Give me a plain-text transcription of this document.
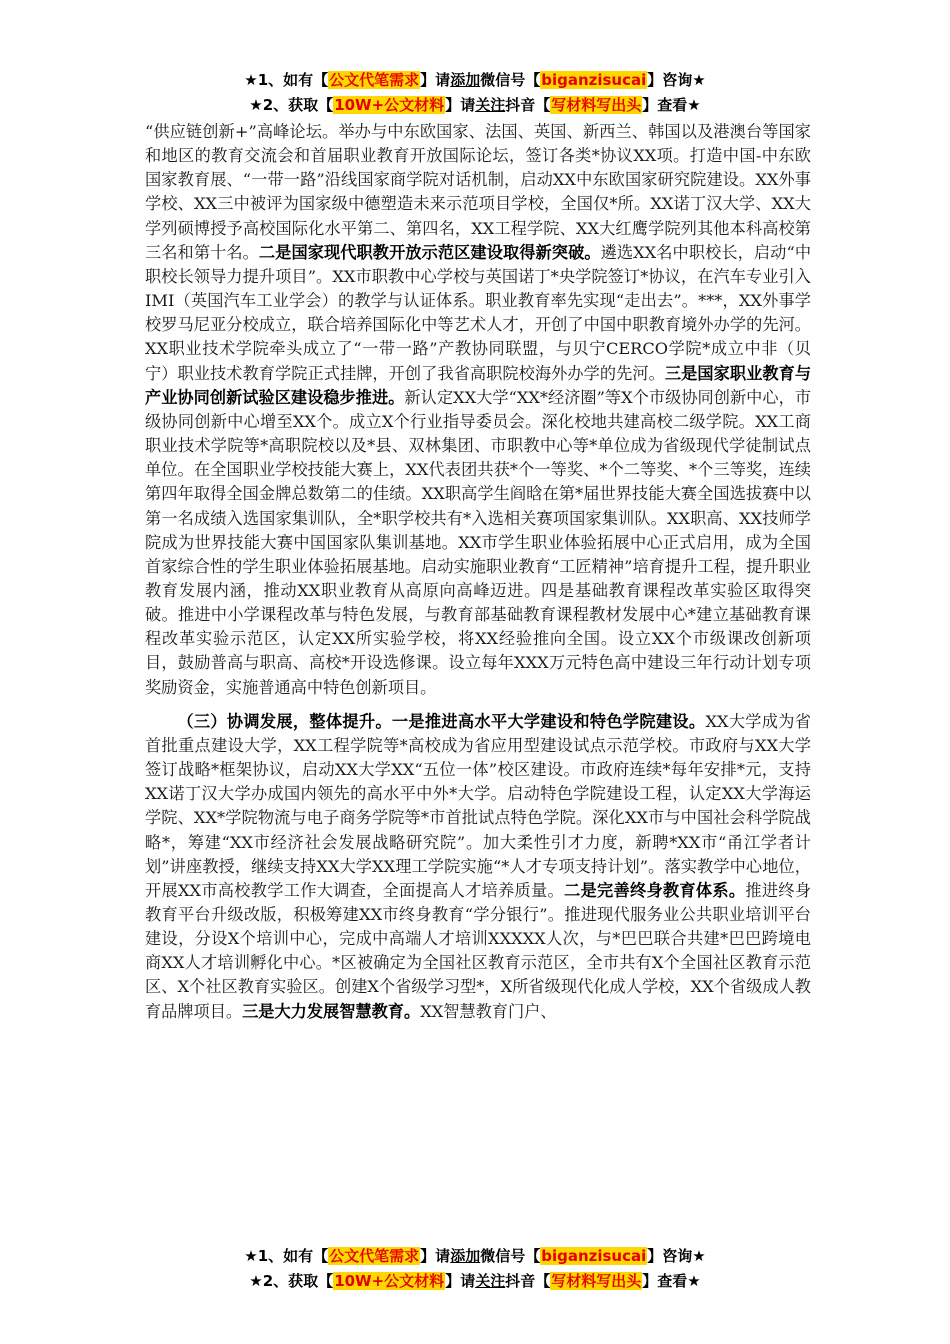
★1、如有【公文代笔需求】请添加微信号【biganzisucai】咨询★
★2、获取【10W+公文材料】请关注抖音【写材料写出头】查看★

“供应链创新+”高峰论坛。举办与中东欧国家、法国、英国、新西兰、韩国以及港澳台等国家和地区的教育交流会和首届职业教育开放国际论坛，签订各类*协议XX项。打造中国-中东欧国家教育展、“一带一路”沿线国家商学院对话机制，启动XX中东欧国家研究院建设。XX外事学校、XX三中被评为国家级中德塑造未来示范项目学校，全国仅*所。XX诺丁汉大学、XX大学列硕博授予高校国际化水平第二、第四名，XX工程学院、XX大红鹰学院列其他本科高校第三名和第十名。二是国家现代职教开放示范区建设取得新突破。遴选XX名中职校长，启动“中职校长领导力提升项目”。XX市职教中心学校与英国诺丁*央学院签订*协议，在汽车专业引入IMI（英国汽车工业学会）的教学与认证体系。职业教育率先实现“走出去”。***，XX外事学校罗马尼亚分校成立，联合培养国际化中等艺术人才，开创了中国中职教育境外办学的先河。XX职业技术学院牵头成立了“一带一路”产教协同联盟，与贝宁CERCO学院*成立中非（贝宁）职业技术教育学院正式挂牌，开创了我省高职院校海外办学的先河。三是国家职业教育与产业协同创新试验区建设稳步推进。新认定XX大学“XX*经济圈”等X个市级协同创新中心，市级协同创新中心增至XX个。成立X个行业指导委员会。深化校地共建高校二级学院。XX工商职业技术学院等*高职院校以及*县、双林集团、市职教中心等*单位成为省级现代学徒制试点单位。在全国职业学校技能大赛上，XX代表团共获*个一等奖、*个二等奖、*个三等奖，连续第四年取得全国金牌总数第二的佳绩。XX职高学生阎晗在第*届世界技能大赛全国选拔赛中以第一名成绩入选国家集训队，全*职学校共有*入选相关赛项国家集训队。XX职高、XX技师学院成为世界技能大赛中国国家队集训基地。XX市学生职业体验拓展中心正式启用，成为全国首家综合性的学生职业体验拓展基地。启动实施职业教育“工匠精神”培育提升工程，提升职业教育发展内涵，推动XX职业教育从高原向高峰迈进。四是基础教育课程改革实验区取得突破。推进中小学课程改革与特色发展，与教育部基础教育课程教材发展中心*建立基础教育课程改革实验示范区，认定XX所实验学校，将XX经验推向全国。设立XX个市级课改创新项目，鼓励普高与职高、高校*开设选修课。设立每年XXX万元特色高中建设三年行动计划专项奖励资金，实施普通高中特色创新项目。

（三）协调发展，整体提升。一是推进高水平大学建设和特色学院建设。XX大学成为省首批重点建设大学，XX工程学院等*高校成为省应用型建设试点示范学校。市政府与XX大学签订战略*框架协议，启动XX大学XX“五位一体”校区建设。市政府连续*每年安排*元，支持XX诺丁汉大学办成国内领先的高水平中外*大学。启动特色学院建设工程，认定XX大学海运学院、XX*学院物流与电子商务学院等*市首批试点特色学院。深化XX市与中国社会科学院战略*，筹建“XX市经济社会发展战略研究院”。加大柔性引才力度，新聘*XX市“甬江学者计划”讲座教授，继续支持XX大学XX理工学院实施“*人才专项支持计划”。落实教学中心地位，开展XX市高校教学工作大调查，全面提高人才培养质量。二是完善终身教育体系。推进终身教育平台升级改版，积极筹建XX市终身教育“学分银行”。推进现代服务业公共职业培训平台建设，分设X个培训中心，完成中高端人才培训XXXXX人次，与*巴巴联合共建*巴巴跨境电商XX人才培训孵化中心。*区被确定为全国社区教育示范区，全市共有X个全国社区教育示范区、X个社区教育实验区。创建X个省级学习型*，X所省级现代化成人学校，XX个省级成人教育品牌项目。三是大力发展智慧教育。XX智慧教育门户、

★1、如有【公文代笔需求】请添加微信号【biganzisucai】咨询★
★2、获取【10W+公文材料】请关注抖音【写材料写出头】查看★
